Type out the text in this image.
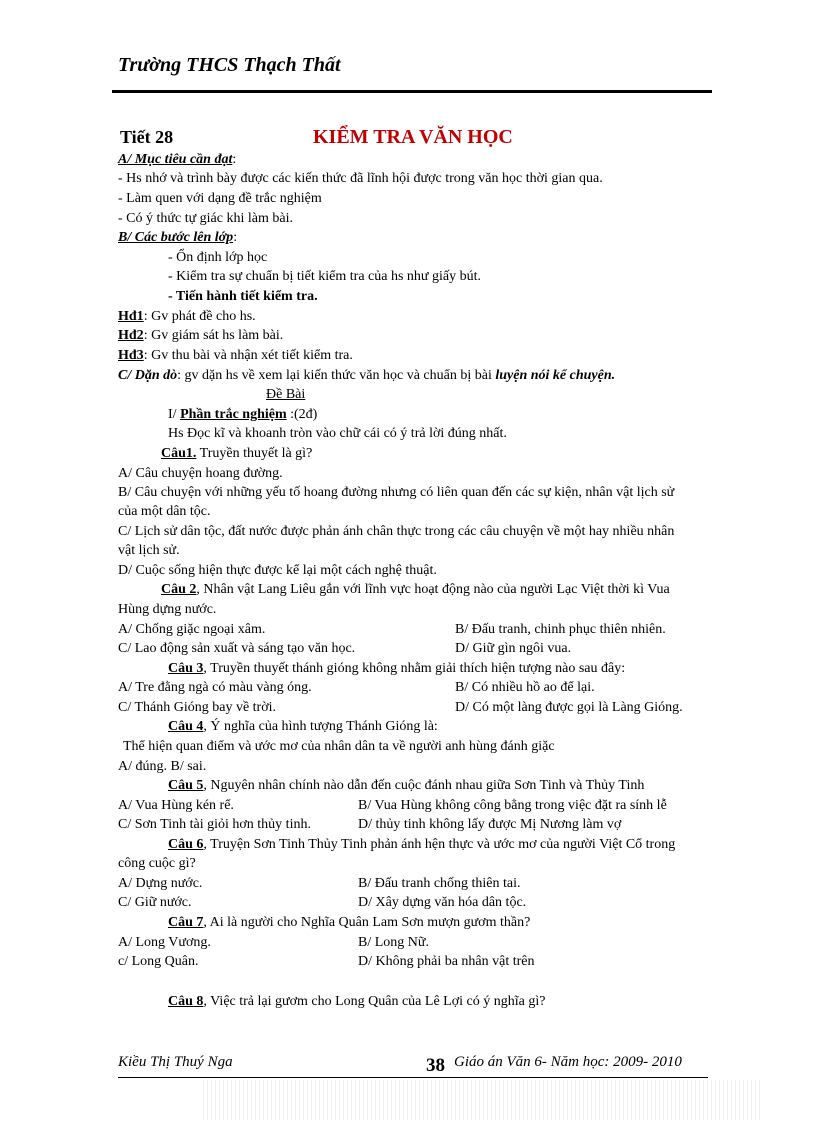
Trường THCS Thạch Thất
Tiết 28	KIỂM TRA VĂN HỌC
A/ Mục tiêu cần đạt:
- Hs nhớ và trình bày được các kiến thức đã lĩnh hội được trong văn học thời gian qua.
- Làm quen với dạng đề trắc nghiệm
- Có ý thức tự giác khi làm bài.
B/ Các bước lên lớp:
- Ổn định lớp học
- Kiểm tra sự chuẩn bị tiết kiểm tra của hs như giấy bút.
- Tiến hành tiết kiểm tra.
Hđ1: Gv phát đề cho hs.
Hđ2: Gv giám sát hs làm bài.
Hđ3: Gv thu bài và nhận xét tiết kiểm tra.
C/ Dặn dò: gv dặn hs về xem lại kiến thức văn học và chuẩn bị bài luyện nói kể chuyện.
Đề Bài
I/ Phần trắc nghiệm :(2đ)
Hs Đọc kĩ và khoanh tròn vào chữ cái có ý trả lời đúng nhất.
Câu1. Truyền thuyết là gì?
A/ Câu chuyện hoang đường.
B/ Câu chuyện với những yếu tố hoang đường nhưng có liên quan đến các sự kiện, nhân vật lịch sử
của một dân tộc.
C/ Lịch sử dân tộc, đất nước được phản ánh chân thực trong các câu chuyện về một hay nhiều nhân
vật lịch sử.
D/ Cuộc sống hiện thực được kể lại một cách nghệ thuật.
Câu 2, Nhân vật Lang Liêu gắn với lĩnh vực hoạt động nào của người Lạc Việt thời kì Vua
Hùng dựng nước.
A/ Chống giặc ngoại xâm.	B/ Đấu tranh, chinh phục thiên nhiên.
C/ Lao động sản xuất và sáng tạo văn học.	D/ Giữ gìn ngôi vua.
Câu 3, Truyền thuyết thánh gióng không nhằm giải thích hiện tượng nào sau đây:
A/ Tre đằng ngà có màu vàng óng.	B/ Có nhiều hồ ao để lại.
C/ Thánh Gióng bay về trời.	D/ Có một làng được gọi là Làng Gióng.
Câu 4, Ý nghĩa của hình tượng Thánh Gióng là:
Thể hiện quan điểm và ước mơ của nhân dân ta về người anh hùng đánh giặc
A/ đúng. B/ sai.
Câu 5, Nguyên nhân chính nào dẫn đến cuộc đánh nhau giữa Sơn Tinh và Thủy Tinh
A/ Vua Hùng kén rể.	B/ Vua Hùng không công bằng trong việc đặt ra sính lễ
C/ Sơn Tinh tài giỏi hơn thủy tinh.	D/ thủy tinh không lấy được Mị Nương làm vợ
Câu 6, Truyện Sơn Tinh Thủy Tinh phản ánh hện thực và ước mơ của người Việt Cổ trong
công cuộc gì?
A/ Dựng nước.	B/ Đấu tranh chống thiên tai.
C/ Giữ nước.	D/ Xây dựng văn hóa dân tộc.
Câu 7, Ai là người cho Nghĩa Quân Lam Sơn mượn gươm thần?
A/ Long Vương.	B/ Long Nữ.
c/ Long Quân.	D/ Không phải ba nhân vật trên
Câu 8, Việc trả lại gươm cho Long Quân của Lê Lợi có ý nghĩa gì?
Kiều Thị Thuý Nga	38 Giáo án Văn 6- Năm học: 2009- 2010
